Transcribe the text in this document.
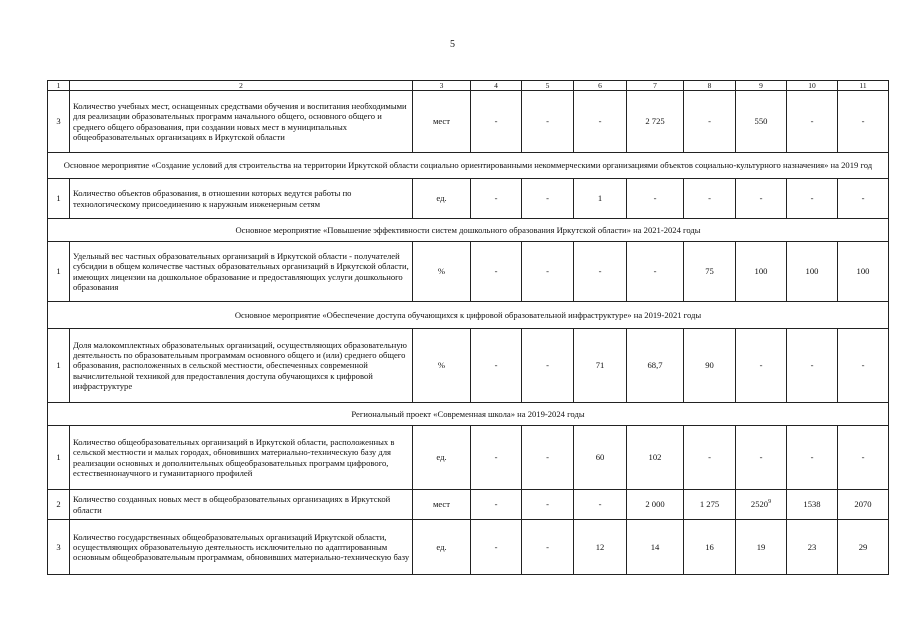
5
1	2	3	4	5	6	7	8	9	10	11
3	Количество учебных мест, оснащенных средствами обучения и воспитания необходимыми для реализации образовательных программ начального общего, основного общего и среднего общего образования, при создании новых мест в муниципальных общеобразовательных организациях в Иркутской области	мест	-	-	-	2 725	-	550	-	-
Основное мероприятие «Создание условий для строительства на территории Иркутской области социально ориентированными некоммерческими организациями объектов социально-культурного назначения» на 2019 год										
1	Количество объектов образования, в отношении которых ведутся работы по технологическому присоединению к наружным инженерным сетям	ед.	-	-	1	-	-	-	-	-
Основное мероприятие «Повышение эффективности систем дошкольного образования Иркутской области» на 2021-2024 годы										
1	Удельный вес частных образовательных организаций в Иркутской области - получателей субсидии в общем количестве частных образовательных организаций в Иркутской области, имеющих лицензии на дошкольное образование и предоставляющих услуги дошкольного образования	%	-	-	-	-	75	100	100	100
Основное мероприятие «Обеспечение доступа обучающихся к цифровой образовательной инфраструктуре» на 2019-2021 годы										
1	Доля малокомплектных образовательных организаций, осуществляющих образовательную деятельность по образовательным программам основного общего и (или) среднего общего образования, расположенных в сельской местности, обеспеченных современной вычислительной техникой для предоставления доступа обучающихся к цифровой инфраструктуре	%	-	-	71	68,7	90	-	-	-
Региональный проект «Современная школа» на 2019-2024 годы										
1	Количество общеобразовательных организаций в Иркутской области, расположенных в сельской местности и малых городах, обновивших материально-техническую базу для реализации основных и дополнительных общеобразовательных программ цифрового, естественнонаучного и гуманитарного профилей	ед.	-	-	60	102	-	-	-	-
2	Количество созданных новых мест в общеобразовательных организациях в Иркутской области	мест	-	-	-	2 000	1 275	2520$^9$	1538	2070
3	Количество государственных общеобразовательных организаций Иркутской области, осуществляющих образовательную деятельность исключительно по адаптированным основным общеобразовательным программам, обновивших материально-техническую базу	ед.	-	-	12	14	16	19	23	29
